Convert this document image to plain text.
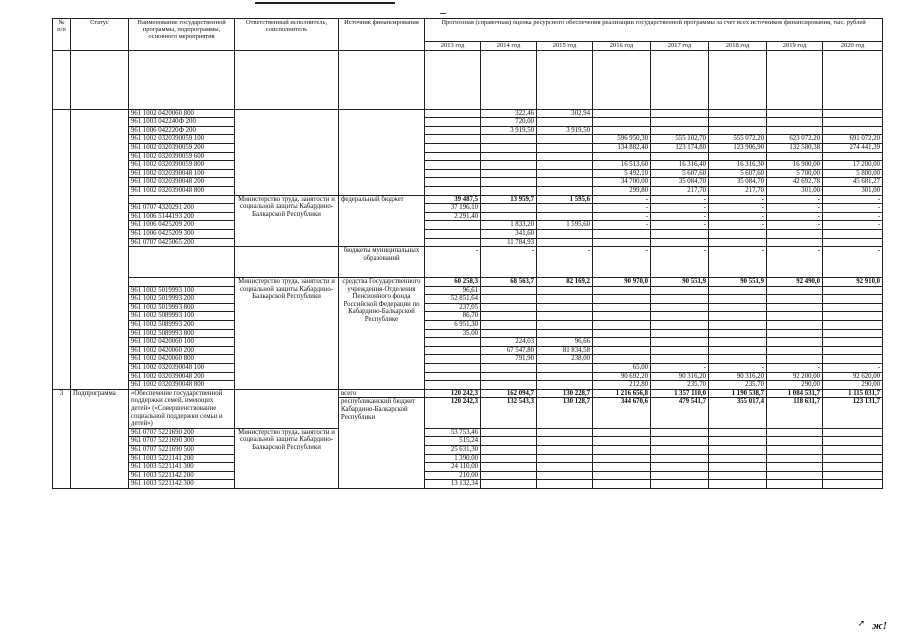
№ п/п	Статус	Наименование государственной программы, подпрограммы, основного мероприятия	Ответственный исполнитель, соисполнитель	Источник финансирования	Прогнозная (справочная) оценка ресурсного обеспечения реализации государственной программы за счет всех источников финансирования, тыс. рублей							
					2013 год	2014 год	2015 год	2016 год	2017 год	2018 год	2019 год	2020 год

		961 1002 0420060 800				322,46	302,94					
		961 1003 042240Ф 200				720,00						
		961 1006 042220Ф 200				3 919,50	3 919,50					
		961 1002 0320390059 100						596 950,30	555 102,70	555 072,20	623 072,20	691 072,20
		961 1002 0320390059 200						134 882,40	123 174,80	123 906,90	132 580,38	274 441,39
		961 1002 0320390059 600										
		961 1002 0320390059 800						16 513,60	16 316,40	16 316,30	16 900,00	17 200,00
		961 1002 0320390048 100						5 492,10	5 607,60	5 607,60	5 700,00	5 800,00
		961 1002 0320390048 200						34 700,00	35 084,70	35 084,70	42 692,78	45 681,27
		961 1002 0320390048 800						299,80	217,70	217,70	301,00	301,00
			Министерство труда, занятости и социальной защиты Кабардино-Балкарской Республики	федеральный бюджет	39 487,5	13 959,7	1 595,6	-	-	-	-	-
		961 0707 4320291 200			37 196,10			-	-	-	-	-
		961 1006 5144193 200			2 291,40			-	-	-	-	-
		961 1006 0425209 200				1 833,20	1 595,60	-	-	-	-	-
		961 1006 0425209 300				341,60						
		961 0707 0425065 200				11 784,93						
				бюджеты муниципальных образований	-	-	-	-	-	-	-	-
			Министерство труда, занятости и социальной защиты Кабардино-Балкарской Республики	средства Государственного учреждения-Отделения Пенсионного фонда Российской Федерации по Кабардино-Балкарской Республике	60 258,3	68 563,7	82 169,2	90 970,0	90 551,9	90 551,9	92 490,0	92 910,0
		961 1002 5019993 100			96,61							
		961 1002 5019993 200			52 851,64							
		961 1002 5019993 800			237,05							
		961 1002 5089993 100			86,70							
		961 1002 5089993 200			6 951,30							
		961 1002 5089993 800			35,00							
		961 1002 0420060 100				224,03	96,66					
		961 1002 0420060 200				67 547,80	81 834,58					
		961 1002 0420060 800				791,90	238,00					
		961 1002 0320390048 100						65,00	-	-	-	-
		961 1002 0320390048 200						90 692,20	90 316,20	90 316,20	92 200,00	92 620,00
		961 1002 0320390048 800						212,80	235,70	235,70	290,00	290,00
3	Подпрограмма	«Обеспечение государственной поддержки семей, имеющих детей» («Совершенствование социальной поддержки семьи и детей»)		всего	120 242,3	162 094,7	130 228,7	1 216 656,8	1 357 110,0	1 190 538,7	1 084 531,7	1 115 031,7
				республиканский бюджет Кабардино-Балкарской Республики	120 242,3	132 543,3	130 128,7	344 670,6	479 541,7	355 017,4	118 631,7	123 131,7
		961 0707 5221690 200	Министерство труда, занятости и социальной защиты Кабардино-Балкарской Республики		53 753,46							
		961 0707 5221690 300			515,24							
		961 0707 5221690 500			25 631,30							
		961 1003 5221141 200			1 390,00							
		961 1003 5221141 300			24 110,00							
		961 1003 5221142 200			210,00							
		961 1003 5221142 300			13 132,34							
➚ ж!
